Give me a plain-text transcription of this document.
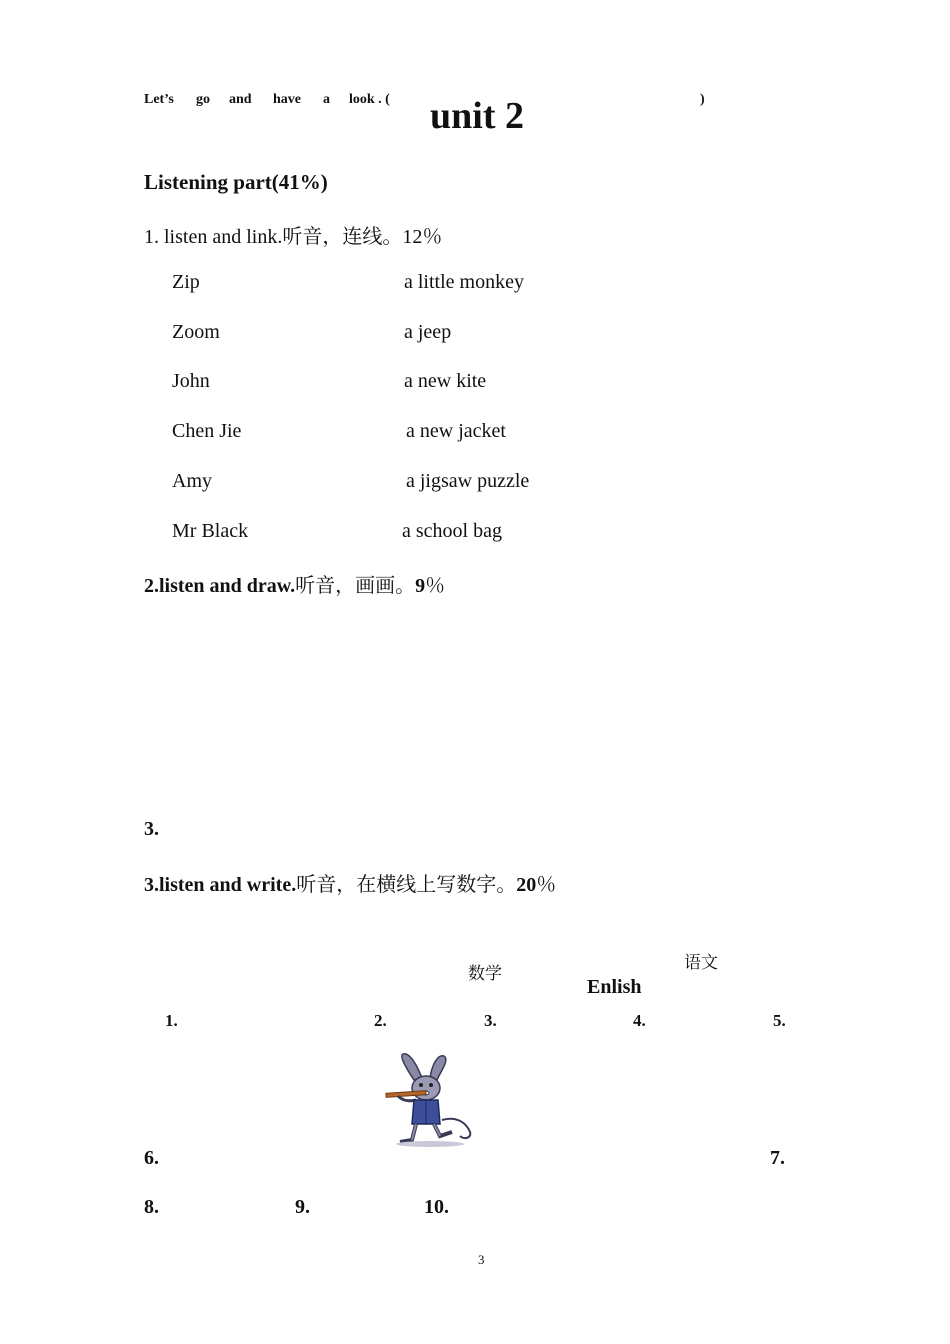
Let’s go and have a look . (	)
unit 2
Listening part(41%)
1. listen and link.听音，连线。12％
Zip	a little monkey
Zoom	a jeep
John	a new kite
Chen Jie	a new jacket
Amy	a jigsaw puzzle
Mr Black	a school bag
2.listen and draw.听音，画画。9％
3.
3.listen and write.听音，在横线上写数字。20％
语文
数学
Enlish
1.	2.	3.	4.	5.
6.	7.
8.	9.	10.
3
